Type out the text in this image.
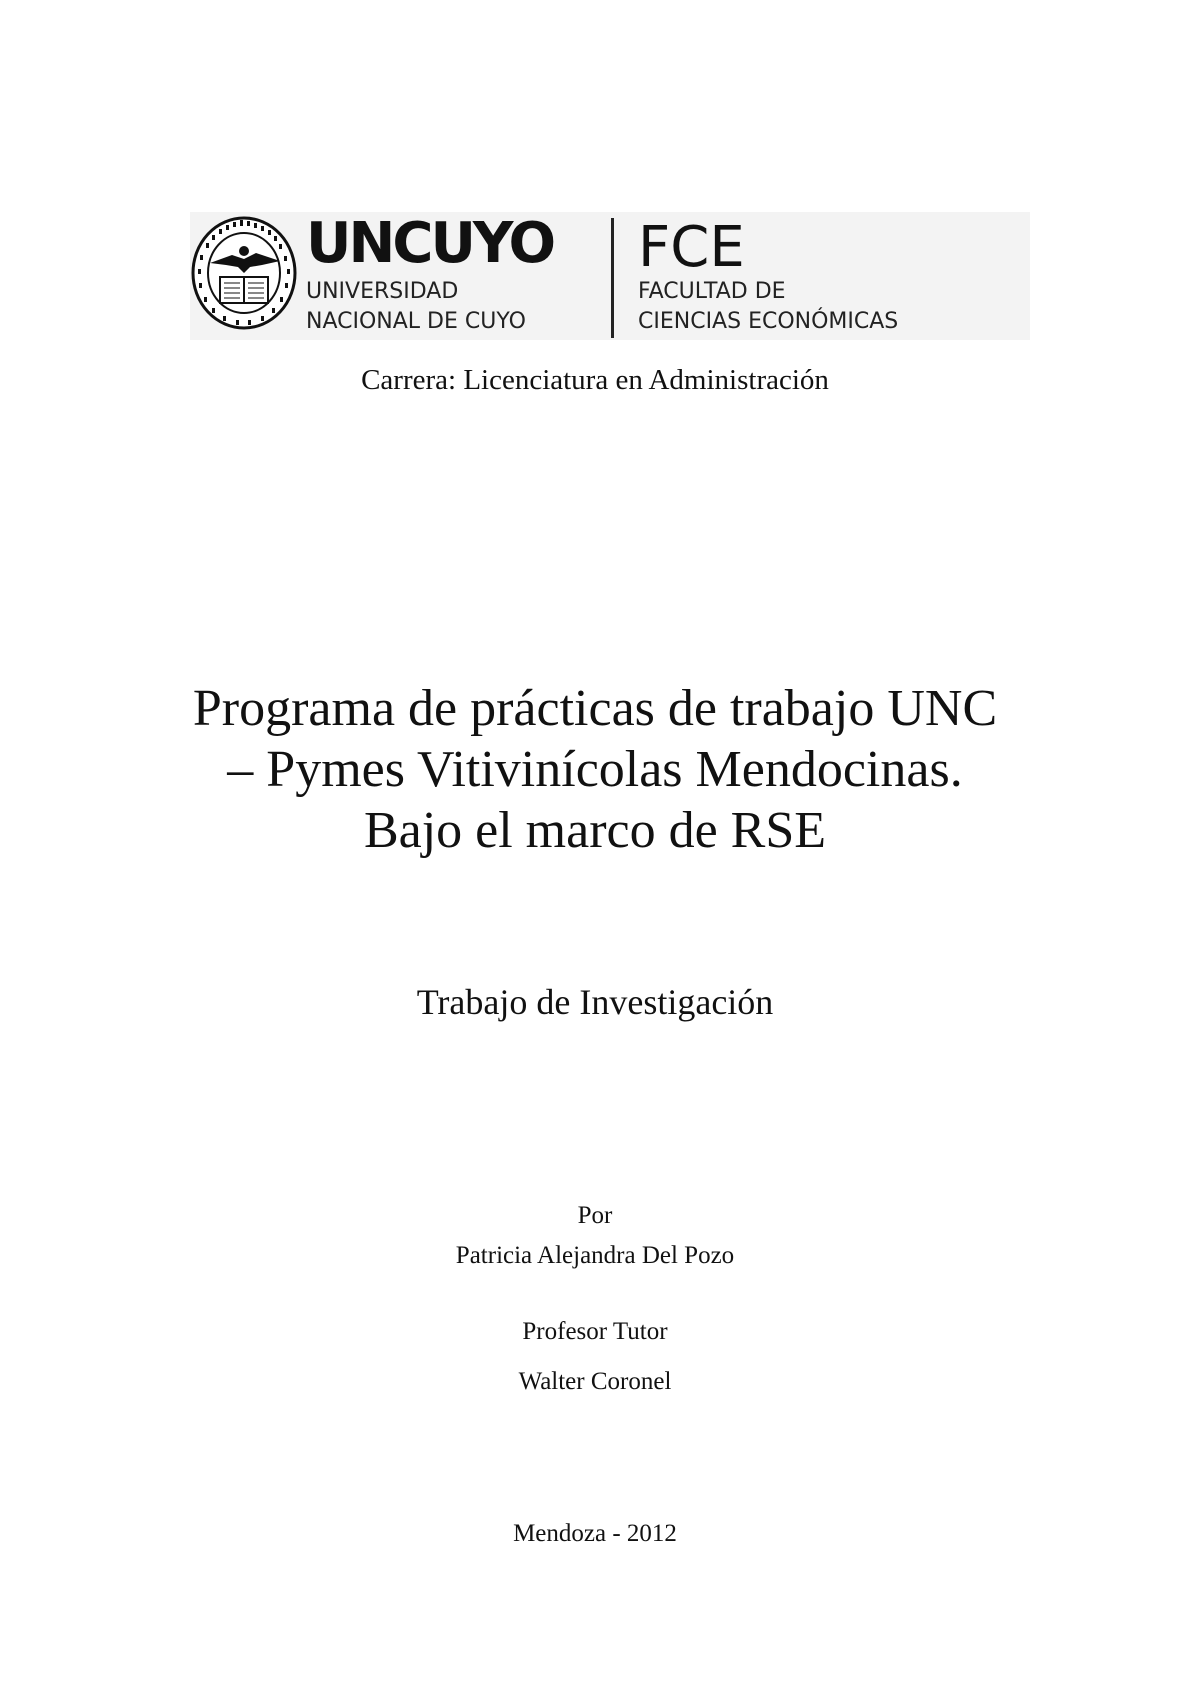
UNCUYO
UNIVERSIDAD
NACIONAL DE CUYO
FCE
FACULTAD DE
CIENCIAS ECONÓMICAS
Carrera: Licenciatura en Administración
Programa de prácticas de trabajo UNC
– Pymes Vitivinícolas Mendocinas.
Bajo el marco de RSE
Trabajo de Investigación
Por
Patricia Alejandra Del Pozo
Profesor Tutor
Walter Coronel
Mendoza - 2012
